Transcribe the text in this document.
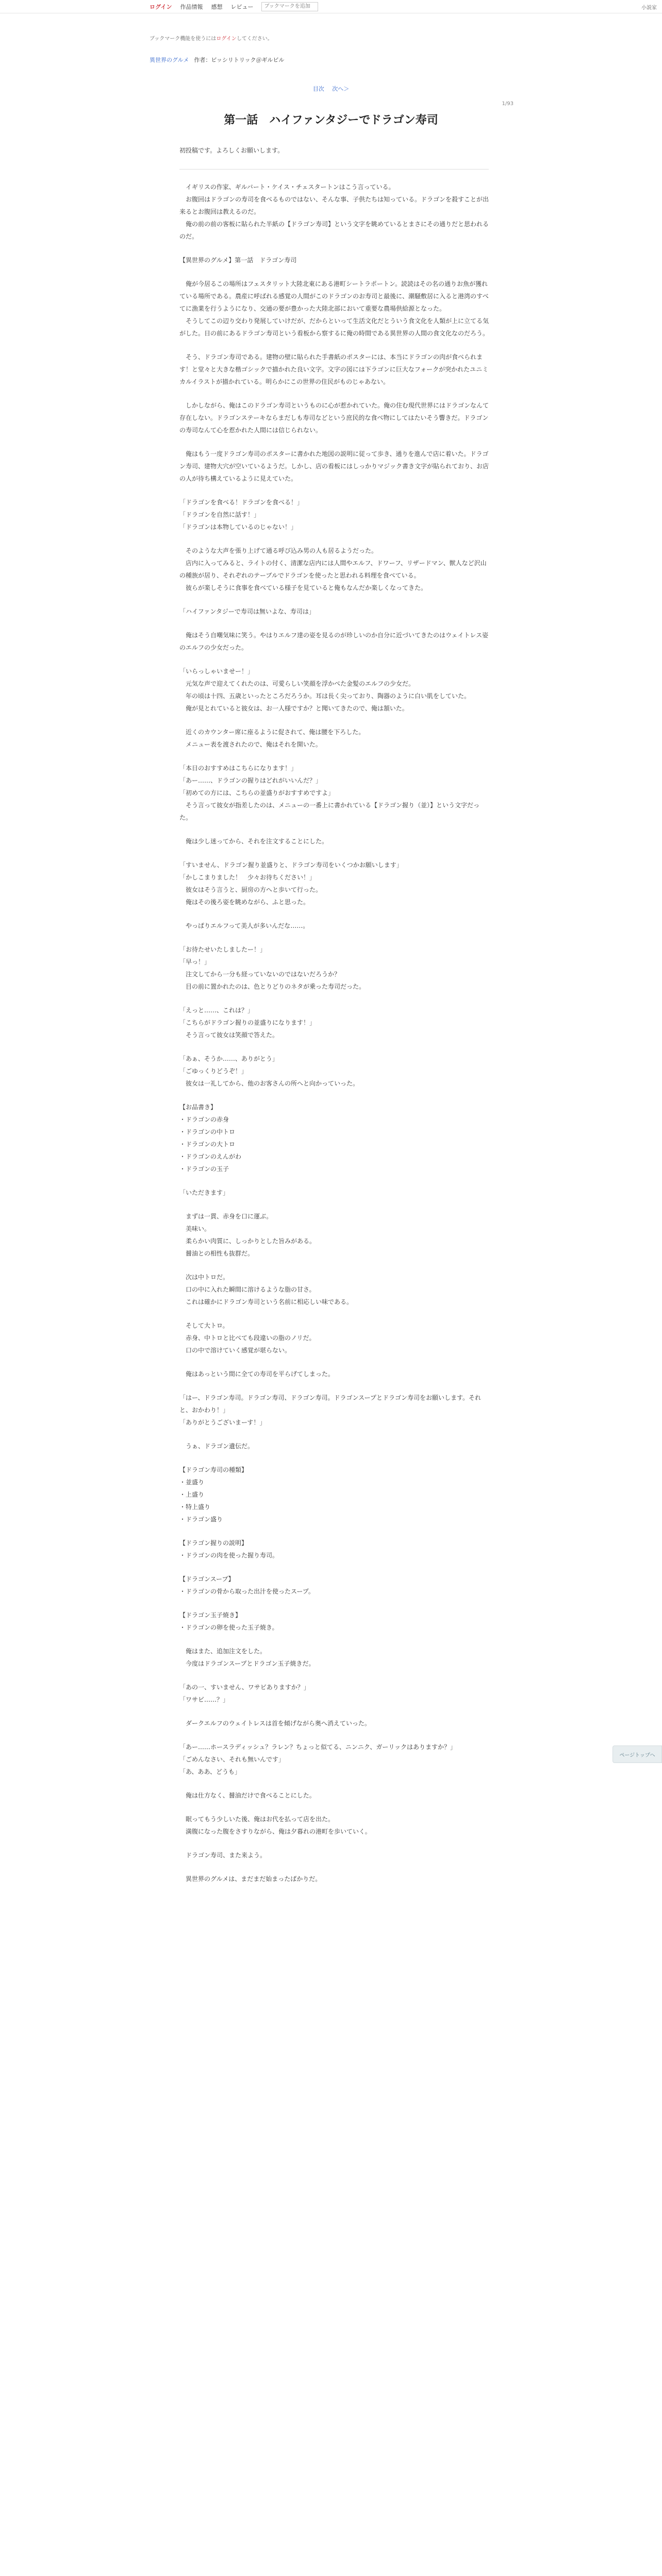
ログイン 作品情報 感想 レビュー
ブックマークを追加	小説家
ブックマーク機能を使うにはログインしてください。
異世界のグルメ 作者：ビッシリトリック＠ギルビル
目次 次へ＞
1/93
第一話　ハイファンタジーでドラゴン寿司

初投稿です。よろしくお願いします。

　イギリスの作家、ギルバート・ケイス・チェスタートンはこう言っている。
　お腹回はドラゴンの寿司を食べるものではない、そんな事、子供たちは知っている。ドラゴンを殺すことが出来るとお腹回は教えるのだ。
　俺の前の前の客板に貼られた半紙の【ドラゴン寿司】という文字を眺めているとまさにその通りだと思われるのだ。

【異世界のグルメ】第一話　ドラゴン寿司

　俺が今居るこの場所はフェスタリット大陸北東にある港町シートラポートン。読読はその名の通りお魚が獲れている場所である。農産に呼ばれる感覚の人間がこのドラゴンのお寿司と最後に、潮騒敷居に入ると港湾のすべてに漁業を行うようになり、交通の要が豊かった大陸北部において重要な農場供給源となった。
　そうしてこの辺り交わり発展していけだが、だからといって生活文化だとういう食文化を人類が上に立てる気がした。日の前にあるドラゴン寿司という看板から察するに俺の時間である異世界の人間の食文化なのだろう。

　そう、ドラゴン寿司である。建物の壁に貼られた手書紙のポスターには、本当にドラゴンの肉が食べられます！と堂々と大きな楷ゴシックで描かれた良い文字。文字の図には下ラゴンに巨大なフォークが突かれたユニミカルイラストが描かれている。明らかにこの世界の住民がものじゃあない。

　しかしながら、俺はこのドラゴン寿司というものに心が惹かれていた。俺の住む現代世界にはドラゴンなんて存在しない。ドラゴンステーキならまだしも寿司などという庶民的な食べ物にしてはたいそう響きだ。ドラゴンの寿司なんて心を惹かれた人間には信じられない。

　俺はもう一度ドラゴン寿司のポスターに書かれた地図の説明に従って歩き、通りを進んで店に着いた。ドラゴン寿司、建物大穴が空いているようだ。しかし、店の看板にはしっかりマジック書き文字が貼られており、お店の人が待ち構えているように見えていた。

「ドラゴンを食べる！ドラゴンを食べる！」
「ドラゴンを自然に話す！」
「ドラゴンは本物しているのじゃない！」

　そのような大声を張り上げて通る呼び込み男の人も居るようだった。
　店内に入ってみると、ライトの付く、清潔な店内には人間やエルフ、ドワーフ、リザードマン、獣人など沢山の種族が居り、それぞれのテーブルでドラゴンを使ったと思われる料理を食べている。
　彼らが楽しそうに食事を食べている様子を見ていると俺もなんだか楽しくなってきた。

「ハイファンタジーで寿司は無いよな、寿司は」

　俺はそう自嘲気味に笑う。やはりエルフ達の姿を見るのが珍しいのか自分に近づいてきたのはウェイトレス姿のエルフの少女だった。

「いらっしゃいませー！」
　元気な声で迎えてくれたのは、可愛らしい笑顔を浮かべた金髪のエルフの少女だ。
　年の頃は十四、五歳といったところだろうか。耳は長く尖っており、陶器のように白い肌をしていた。
　俺が見とれていると彼女は、お一人様ですか？と聞いてきたので、俺は頷いた。

　近くのカウンター席に座るように促されて、俺は腰を下ろした。
　メニュー表を渡されたので、俺はそれを開いた。

「本日のおすすめはこちらになります！」
「あー……、ドラゴンの握りはどれがいいんだ？」
「初めての方には、こちらの並盛りがおすすめですよ」
　そう言って彼女が指差したのは、メニューの一番上に書かれている【ドラゴン握り（並）】という文字だった。

　俺は少し迷ってから、それを注文することにした。

「すいません、ドラゴン握り並盛りと、ドラゴン寿司をいくつかお願いします」
「かしこまりました！　少々お待ちください！」
　彼女はそう言うと、厨房の方へと歩いて行った。
　俺はその後ろ姿を眺めながら、ふと思った。

　やっぱりエルフって美人が多いんだな……。

「お待たせいたしましたー！」
「早っ！」
　注文してから一分も経っていないのではないだろうか？
　目の前に置かれたのは、色とりどりのネタが乗った寿司だった。

「えっと……、これは？」
「こちらがドラゴン握りの並盛りになります！」
　そう言って彼女は笑顔で答えた。

「あぁ、そうか……、ありがとう」
「ごゆっくりどうぞ！」
　彼女は一礼してから、他のお客さんの所へと向かっていった。

【お品書き】
・ドラゴンの赤身
・ドラゴンの中トロ
・ドラゴンの大トロ
・ドラゴンのえんがわ
・ドラゴンの玉子

「いただきます」

　まずは一貫、赤身を口に運ぶ。
　美味い。
　柔らかい肉質に、しっかりとした旨みがある。
　醤油との相性も抜群だ。

　次は中トロだ。
　口の中に入れた瞬間に溶けるような脂の甘さ。
　これは確かにドラゴン寿司という名前に相応しい味である。

　そして大トロ。
　赤身、中トロと比べても段違いの脂のノリだ。
　口の中で溶けていく感覚が堪らない。

　俺はあっという間に全ての寿司を平らげてしまった。

「はー、ドラゴン寿司。ドラゴン寿司、ドラゴン寿司。ドラゴンスープとドラゴン寿司をお願いします。それと、おかわり！」
「ありがとうございまーす！」

　うぁ、ドラゴン遺伝だ。

【ドラゴン寿司の種類】
・並盛り
・上盛り
・特上盛り
・ドラゴン盛り

【ドラゴン握りの説明】
・ドラゴンの肉を使った握り寿司。

【ドラゴンスープ】
・ドラゴンの骨から取った出汁を使ったスープ。

【ドラゴン玉子焼き】
・ドラゴンの卵を使った玉子焼き。

　俺はまた、追加注文をした。
　今度はドラゴンスープとドラゴン玉子焼きだ。

「あの一、すいません、ワサビありますか？」
「ワサビ……？」

　ダークエルフのウェイトレスは首を傾げながら奥へ消えていった。

「あー……ホースラディッシュ？ラレン？ちょっと似てる、ニンニク、ガーリックはありますか？」
「ごめんなさい、それも無いんです」
「あ、ああ、どうも」

　俺は仕方なく、醤油だけで食べることにした。

　眠ってもう少しいた後、俺はお代を払って店を出た。
　満腹になった腹をさすりながら、俺は夕暮れの港町を歩いていく。

　ドラゴン寿司、また来よう。

　異世界のグルメは、まだまだ始まったばかりだ。

ページトップへ
